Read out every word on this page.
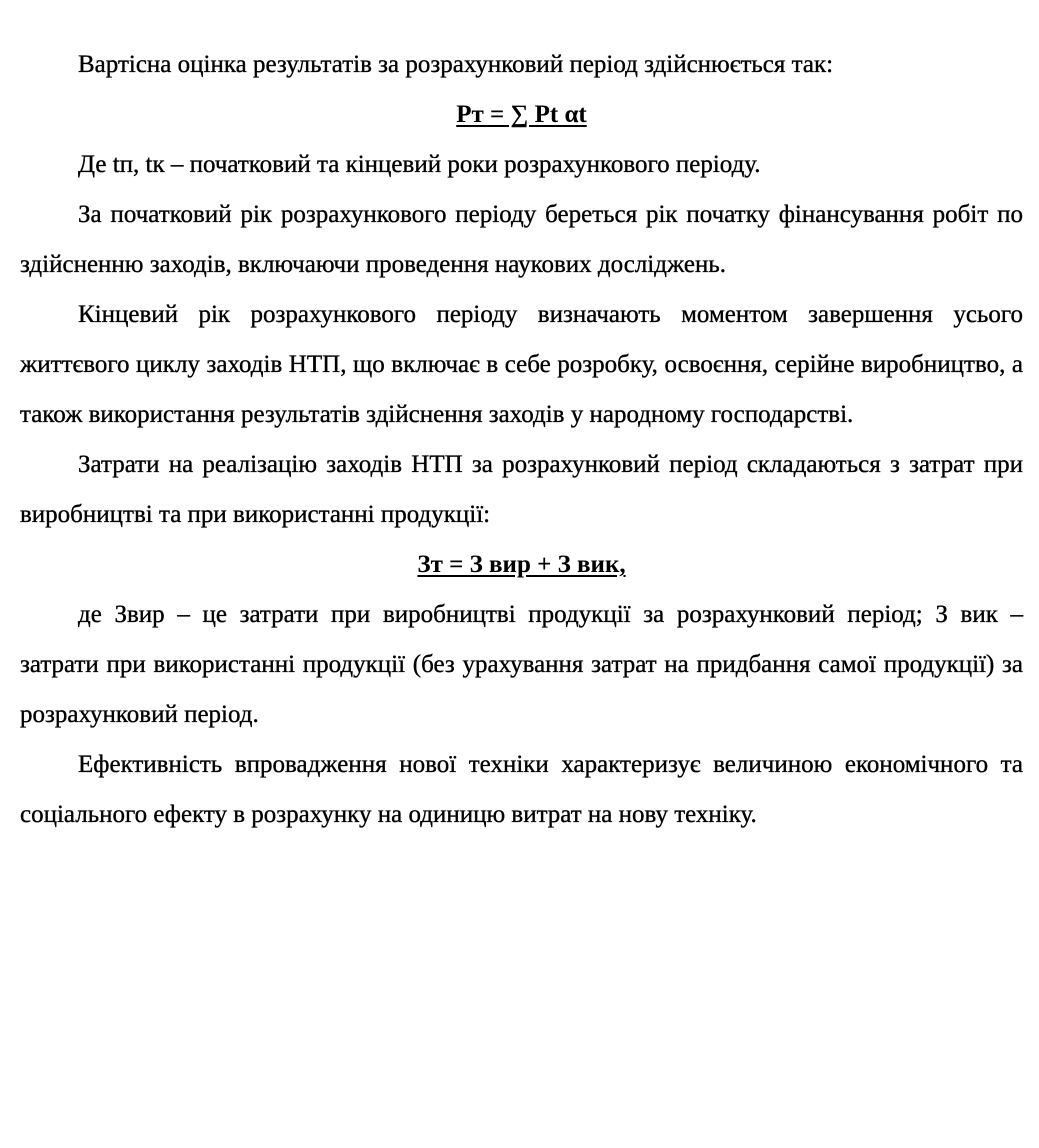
Вартісна оцінка результатів за розрахунковий період здійснюється так:

Рт = ∑ Рt αt

Де tп, tк – початковий та кінцевий роки розрахункового періоду.

За початковий рік розрахункового періоду береться рік початку фінансування робіт по здійсненню заходів, включаючи проведення наукових досліджень.

Кінцевий рік розрахункового періоду визначають моментом завершення усього життєвого циклу заходів НТП, що включає в себе розробку, освоєння, серійне виробництво, а також використання результатів здійснення заходів у народному господарстві.

Затрати на реалізацію заходів НТП за розрахунковий період складаються з затрат при виробництві та при використанні продукції:

Зт = З вир + З вик,

де Звир – це затрати при виробництві продукції за розрахунковий період; З вик – затрати при використанні продукції (без урахування затрат на придбання самої продукції) за розрахунковий період.

Ефективність впровадження нової техніки характеризує величиною економічного та соціального ефекту в розрахунку на одиницю витрат на нову техніку.
